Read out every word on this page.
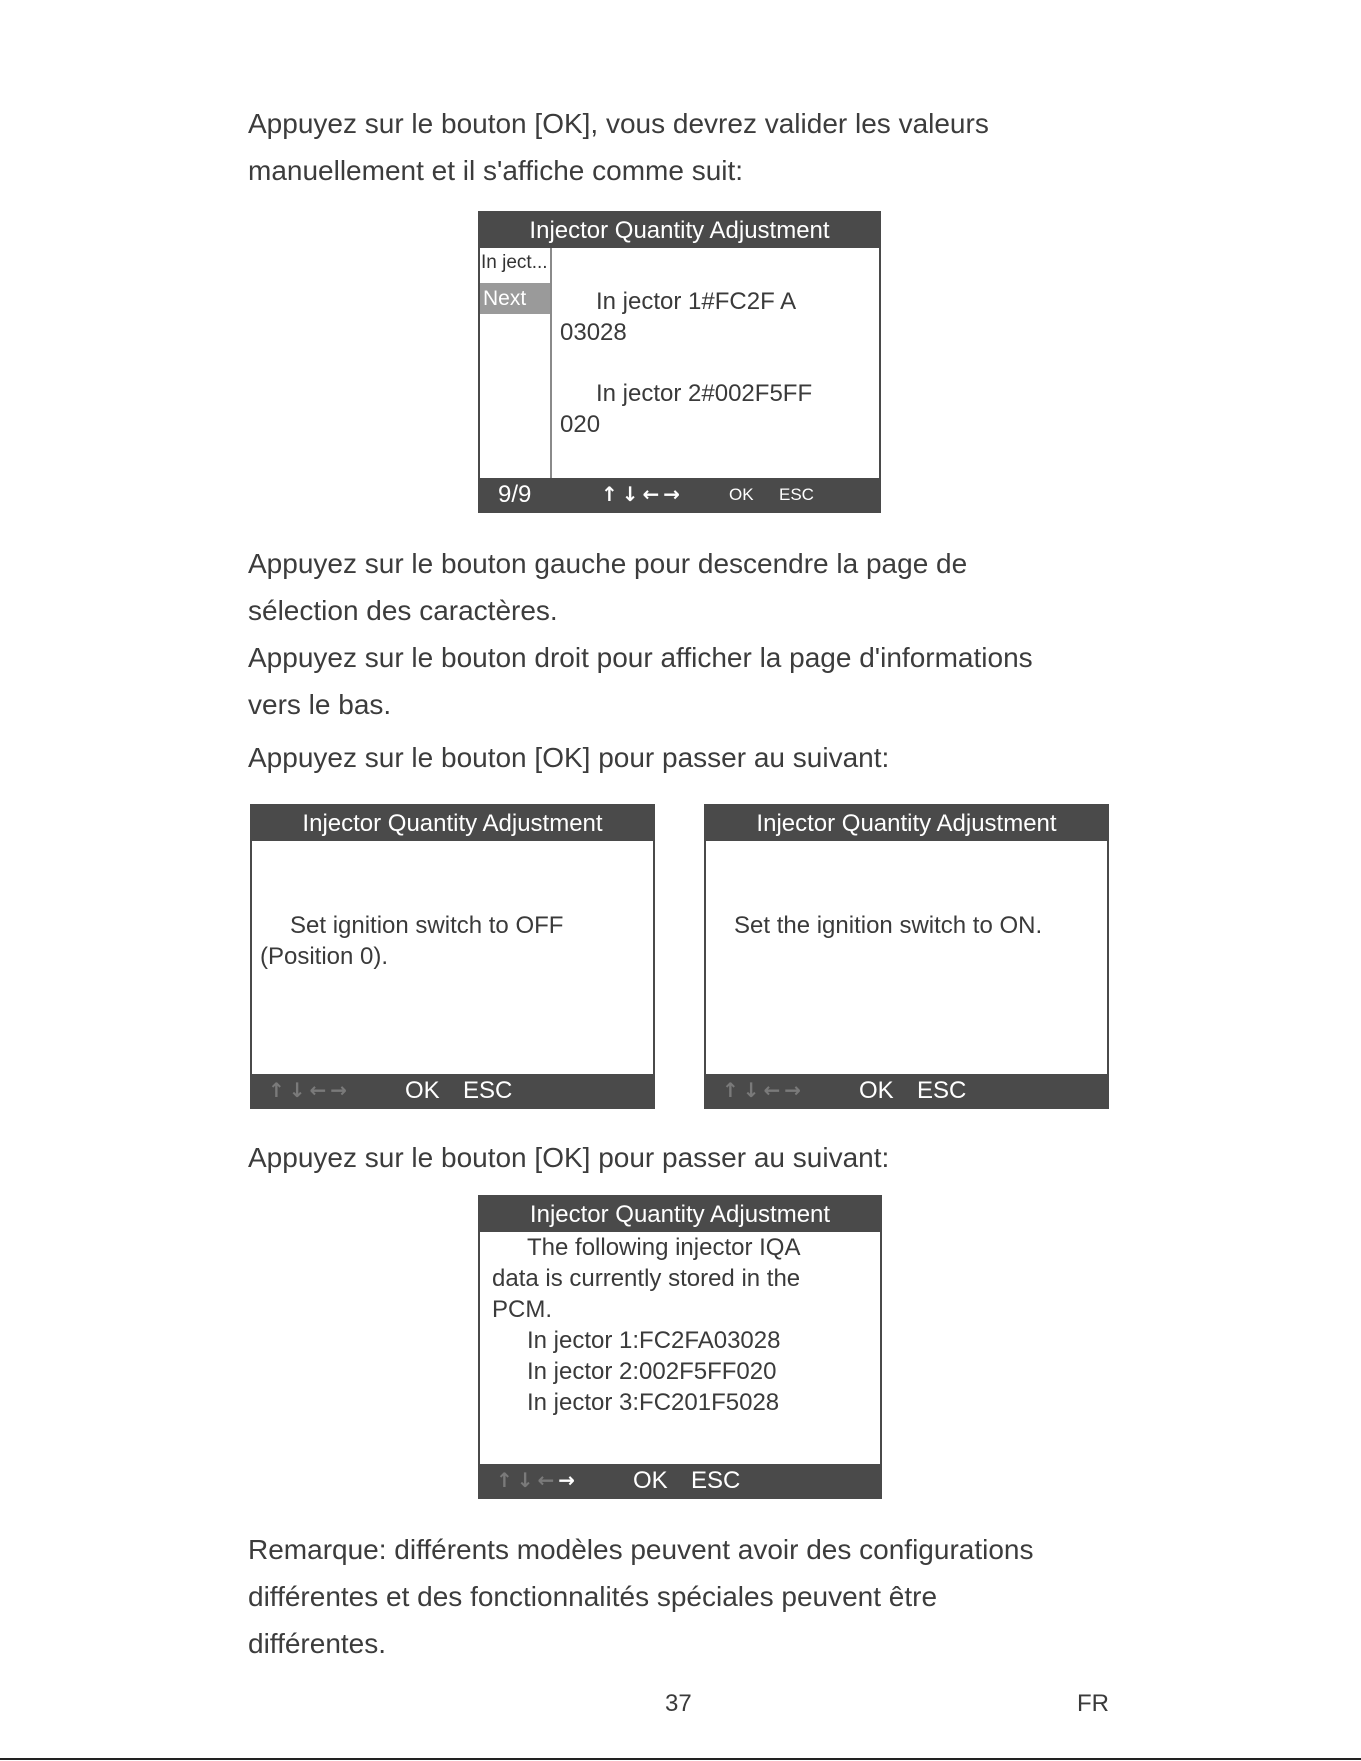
Appuyez sur le bouton [OK], vous devrez valider les valeurs
manuellement et il s'affiche comme suit:
Injector Quantity Adjustment
In ject...
Next	In jector 1#FC2F A
03028
In jector 2#002F5FF
020
9/9	↑↓←→	OK ESC
Appuyez sur le bouton gauche pour descendre la page de
sélection des caractères.
Appuyez sur le bouton droit pour afficher la page d'informations
vers le bas.
Appuyez sur le bouton [OK] pour passer au suivant:
Injector Quantity Adjustment
Set ignition switch to OFF
(Position 0).
↑↓←→ OK ESC
Injector Quantity Adjustment
Set the ignition switch to ON.
↑↓←→ OK ESC
Appuyez sur le bouton [OK] pour passer au suivant:
Injector Quantity Adjustment
The following injector IQA
data is currently stored in the
PCM.
In jector 1:FC2FA03028
In jector 2:002F5FF020
In jector 3:FC201F5028
↑↓←→ OK ESC
Remarque: différents modèles peuvent avoir des configurations
différentes et des fonctionnalités spéciales peuvent être
différentes.
37	FR
